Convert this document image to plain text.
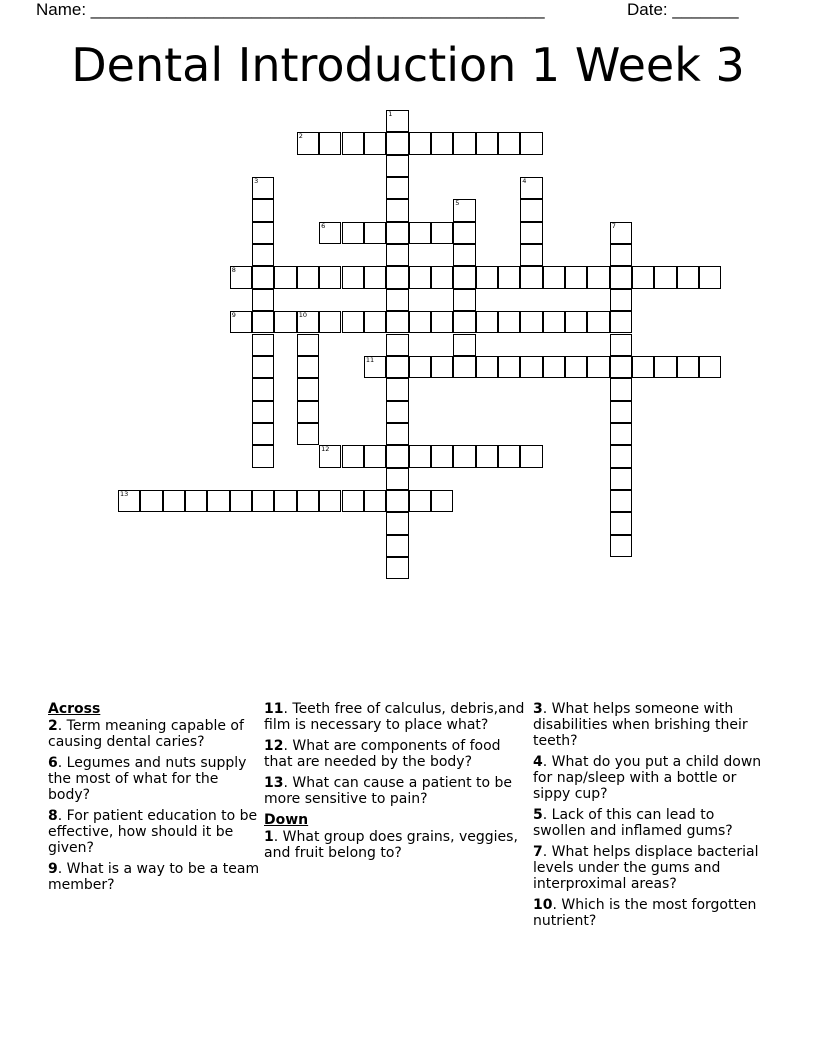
Name: ________________________________________________	Date: _______
Dental Introduction 1 Week 3
1
2
3	4
5
6	7
8
9	10
11
12
13
Across
2. Term meaning capable of causing dental caries?
6. Legumes and nuts supply the most of what for the body?
8. For patient education to be effective, how should it be given?
9. What is a way to be a team member?
11. Teeth free of calculus, debris,and film is necessary to place what?
12. What are components of food that are needed by the body?
13. What can cause a patient to be more sensitive to pain?
Down
1. What group does grains, veggies, and fruit belong to?
3. What helps someone with disabilities when brishing their teeth?
4. What do you put a child down for nap/sleep with a bottle or sippy cup?
5. Lack of this can lead to swollen and inflamed gums?
7. What helps displace bacterial levels under the gums and interproximal areas?
10. Which is the most forgotten nutrient?
